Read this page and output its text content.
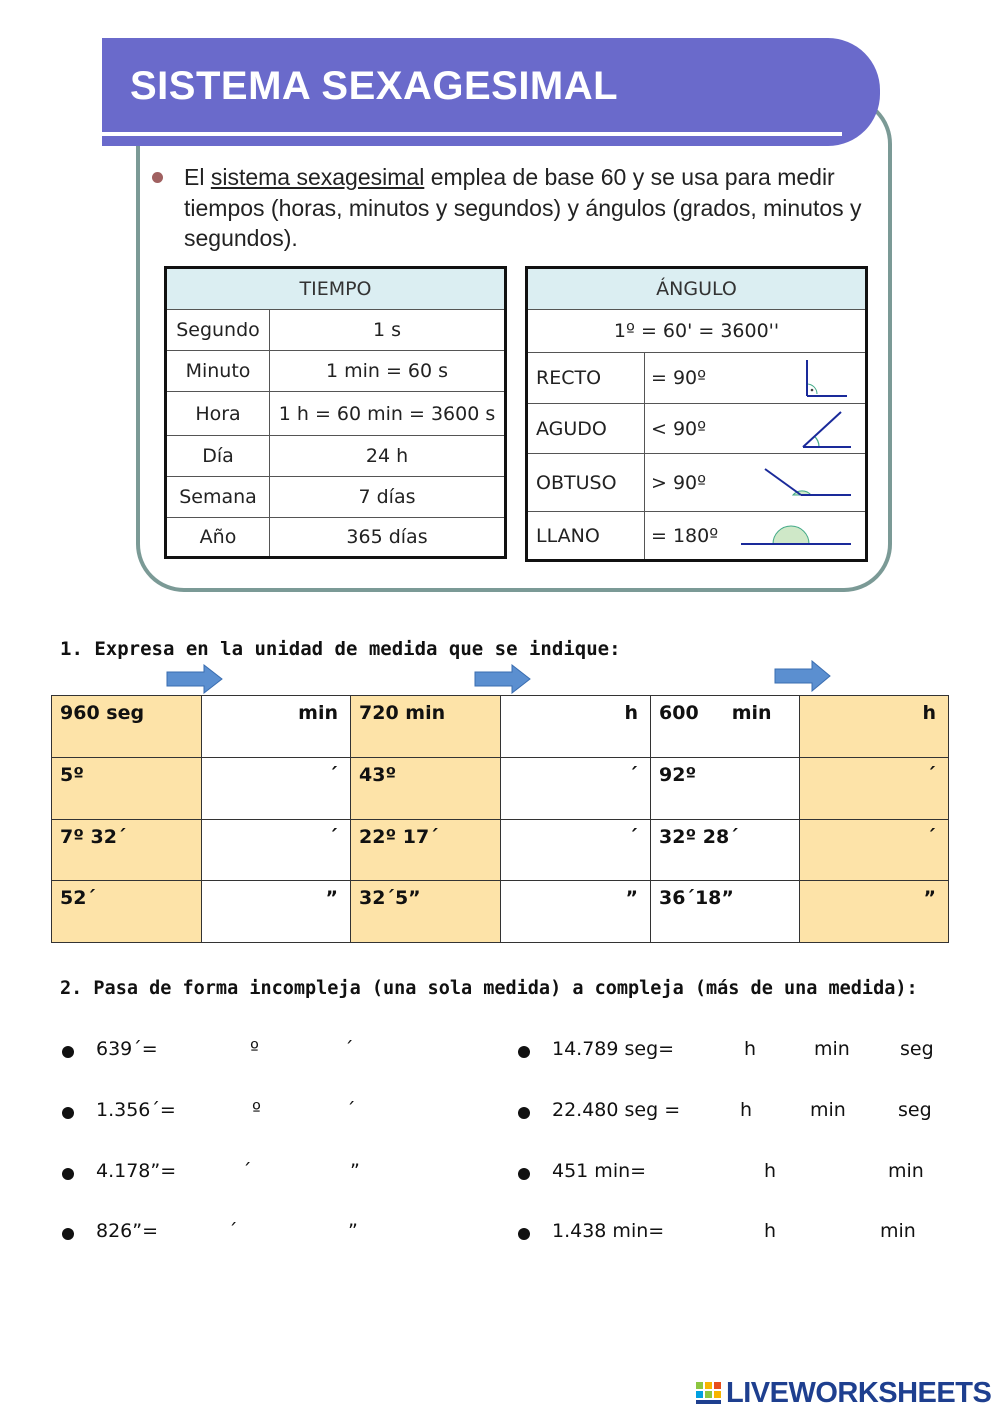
SISTEMA SEXAGESIMAL

El sistema sexagesimal emplea de base 60 y se usa para medir tiempos (horas, minutos y segundos) y ángulos (grados, minutos y segundos).

TIEMPO	
Segundo	1 s
Minuto	1 min = 60 s
Hora	1 h = 60 min = 3600 s
Día	24 h
Semana	7 días
Año	365 días
ÁNGULO	
1º = 60' = 3600''	
RECTO	= 90º

AGUDO	< 90º

OBTUSO	> 90º

LLANO	= 180º

1. Expresa en la unidad de medida que se indique:

960 seg	min	720 min	h	600     min	h
5º	´	43º	´	92º	´
7º 32´	´	22º 17´	´	32º 28´	´
52´	”	32´5”	”	36´18”	”

2. Pasa de forma incompleja (una sola medida) a compleja (más de una medida):

639´=	º	´
1.356´=	º	´
4.178”=	´	”
826”=	´	”
14.789 seg=	h	min	seg
22.480 seg =	h	min	seg
451 min=	h	min
1.438 min=	h	min
LIVEWORKSHEETS
